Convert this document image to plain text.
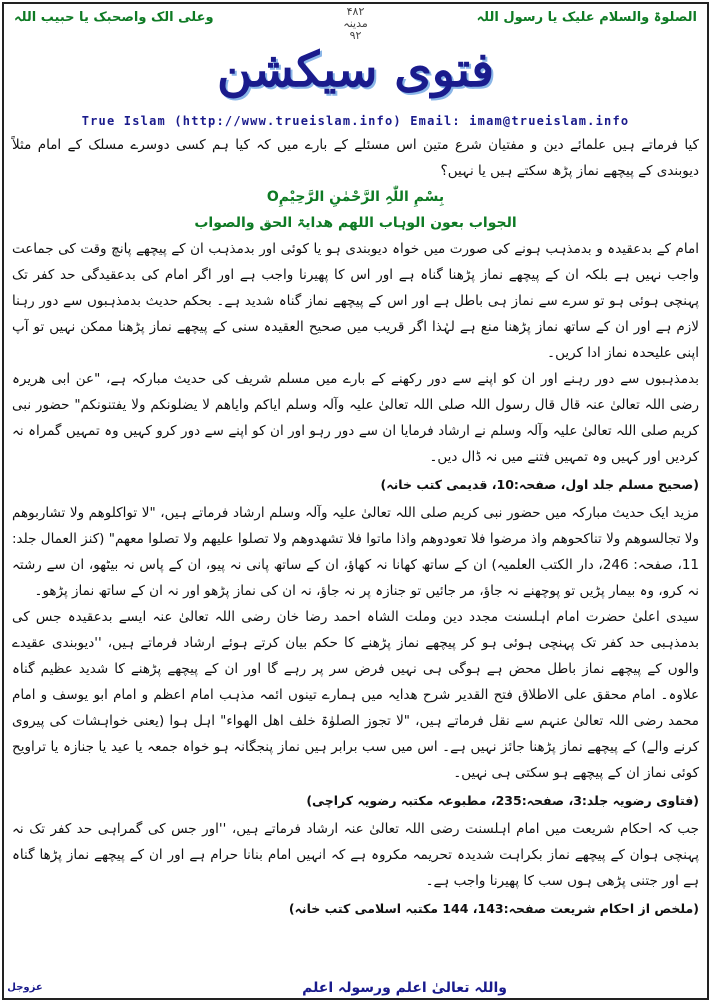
الصلوۃ والسلام علیک یا رسول اللہ
۴۸۲
مدینہ
۹۲
وعلی الک واصحبک یا حبیب اللہ
فتوی سیکشن
True Islam (http://www.trueislam.info) Email: imam@trueislam.info

کیا فرماتے ہیں علمائے دین و مفتیان شرع متین اس مسئلے کے بارے میں کہ کیا ہم کسی دوسرے مسلک کے امام مثلاً دیوبندی کے پیچھے نماز پڑھ سکتے ہیں یا نہیں؟

بِسْمِ اللّٰہِ الرَّحْمٰنِ الرَّحِیْمِO

الجواب بعون الوہاب اللھم ھدایۃ الحق والصواب

امام کے بدعقیدہ و بدمذہب ہونے کی صورت میں خواہ دیوبندی ہو یا کوئی اور بدمذہب ان کے پیچھے پانچ وقت کی جماعت واجب نہیں ہے بلکہ ان کے پیچھے نماز پڑھنا گناہ ہے اور اس کا پھیرنا واجب ہے اور اگر امام کی بدعقیدگی حد کفر تک پہنچی ہوئی ہو تو سرے سے نماز ہی باطل ہے اور اس کے پیچھے نماز گناہ شدید ہے۔ بحکم حدیث بدمذہبوں سے دور رہنا لازم ہے اور ان کے ساتھ نماز پڑھنا منع ہے لہٰذا اگر قریب میں صحیح العقیدہ سنی کے پیچھے نماز پڑھنا ممکن نہیں تو آپ اپنی علیحدہ نماز ادا کریں۔

بدمذہبوں سے دور رہنے اور ان کو اپنے سے دور رکھنے کے بارے میں مسلم شریف کی حدیث مبارکہ ہے، "عن ابی ھریرہ رضی اللہ تعالیٰ عنہ قال قال رسول اللہ صلی اللہ تعالیٰ علیہ وآلہ وسلم ایاکم وایاھم لا یضلونکم ولا یفتنونکم" حضور نبی کریم صلی اللہ تعالیٰ علیہ وآلہ وسلم نے ارشاد فرمایا ان سے دور رہو اور ان کو اپنے سے دور کرو کہیں وہ تمہیں گمراہ نہ کردیں اور کہیں وہ تمہیں فتنے میں نہ ڈال دیں۔

(صحیح مسلم جلد اول، صفحہ:10، قدیمی کتب خانہ)

مزید ایک حدیث مبارکہ میں حضور نبی کریم صلی اللہ تعالیٰ علیہ وآلہ وسلم ارشاد فرماتے ہیں، "لا تواکلوھم ولا تشاربوھم ولا تجالسوھم ولا تناکحوھم واذ مرضوا فلا تعودوھم واذا ماتوا فلا تشھدوھم ولا تصلوا علیھم ولا تصلوا معھم" (کنز العمال جلد: 11، صفحہ: 246، دار الکتب العلمیہ) ان کے ساتھ کھانا نہ کھاؤ، ان کے ساتھ پانی نہ پیو، ان کے پاس نہ بیٹھو، ان سے رشتہ نہ کرو، وہ بیمار پڑیں تو پوچھنے نہ جاؤ، مر جائیں تو جنازہ پر نہ جاؤ، نہ ان کی نماز پڑھو اور نہ ان کے ساتھ نماز پڑھو۔

سیدی اعلیٰ حضرت امام اہلسنت مجدد دین وملت الشاہ احمد رضا خان رضی اللہ تعالیٰ عنہ ایسے بدعقیدہ جس کی بدمذہبی حد کفر تک پہنچی ہوئی ہو کر پیچھے نماز پڑھنے کا حکم بیان کرتے ہوئے ارشاد فرماتے ہیں، ''دیوبندی عقیدے والوں کے پیچھے نماز باطل محض ہے ہوگی ہی نہیں فرض سر پر رہے گا اور ان کے پیچھے پڑھنے کا شدید عظیم گناہ علاوہ۔ امام محقق علی الاطلاق فتح القدیر شرح ھدایہ میں ہمارے تینوں ائمہ مذہب امام اعظم و امام ابو یوسف و امام محمد رضی اللہ تعالیٰ عنہم سے نقل فرماتے ہیں، "لا تجوز الصلوٰۃ خلف اھل الھواء" اہل ہوا (یعنی خواہشات کی پیروی کرنے والے) کے پیچھے نماز پڑھنا جائز نہیں ہے۔ اس میں سب برابر ہیں نماز پنجگانہ ہو خواہ جمعہ یا عید یا جنازہ یا تراویح کوئی نماز ان کے پیچھے ہو سکتی ہی نہیں۔

(فتاوی رضویہ جلد:3، صفحہ:235، مطبوعہ مکتبہ رضویہ کراچی)

جب کہ احکام شریعت میں امام اہلسنت رضی اللہ تعالیٰ عنہ ارشاد فرماتے ہیں، ''اور جس کی گمراہی حد کفر تک نہ پہنچی ہوان کے پیچھے نماز بکراہت شدیدہ تحریمہ مکروہ ہے کہ انہیں امام بنانا حرام ہے اور ان کے پیچھے نماز پڑھا گناہ ہے اور جتنی پڑھی ہوں سب کا پھیرنا واجب ہے۔

(ملخص از احکام شریعت صفحہ:143، 144 مکتبہ اسلامی کتب خانہ)

واللہ تعالیٰ اعلم ورسولہ اعلم
عزوجل
